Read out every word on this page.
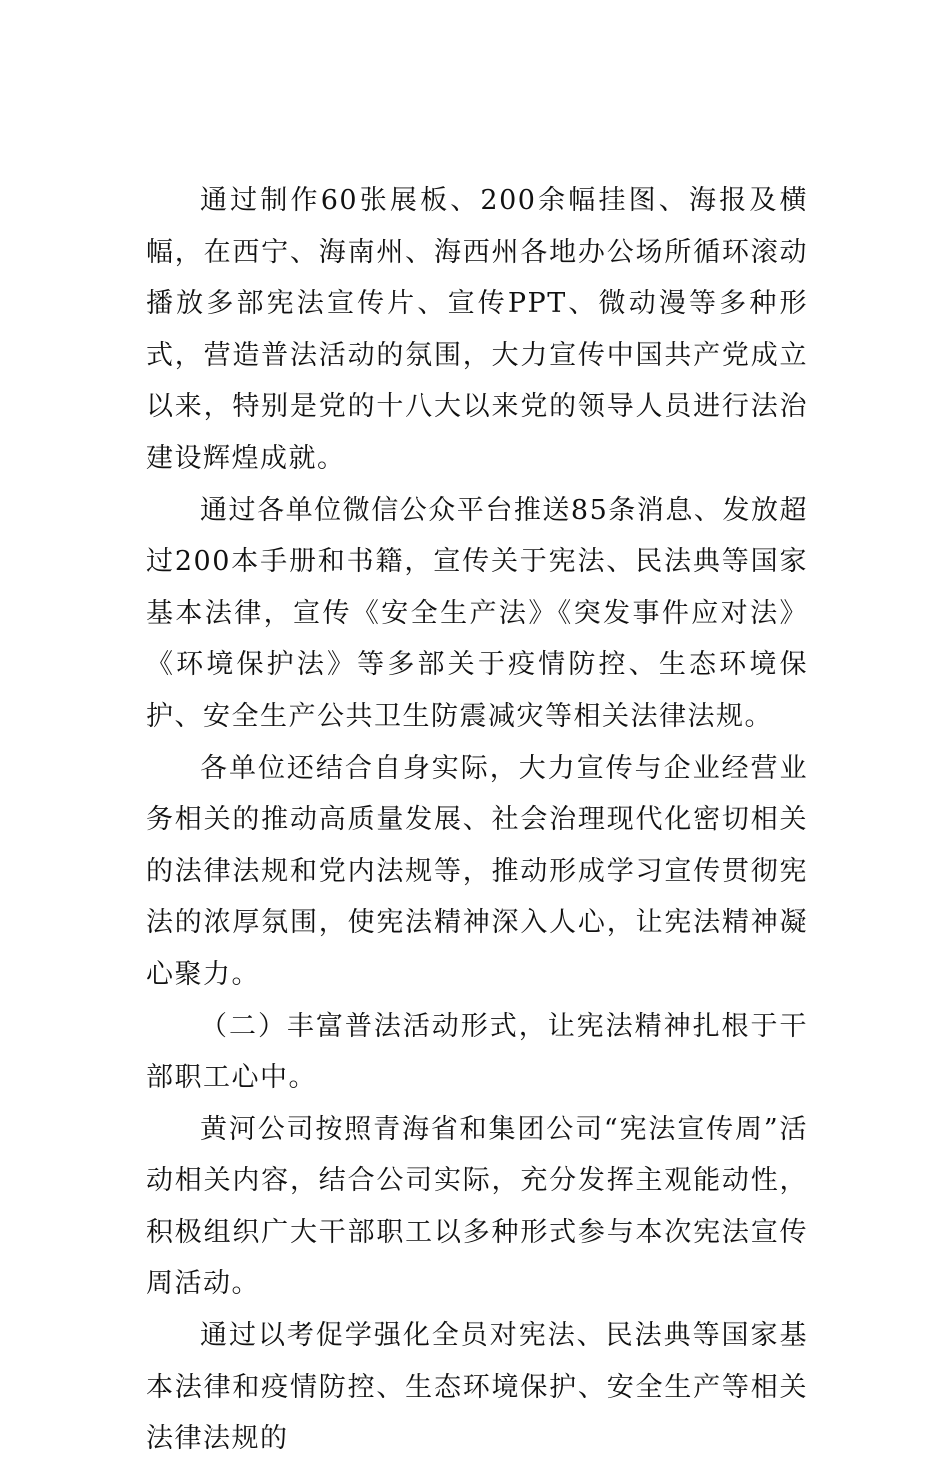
通过制作60张展板、200余幅挂图、海报及横幅，在西宁、海南州、海西州各地办公场所循环滚动播放多部宪法宣传片、宣传PPT、微动漫等多种形式，营造普法活动的氛围，大力宣传中国共产党成立以来，特别是党的十八大以来党的领导人员进行法治建设辉煌成就。

通过各单位微信公众平台推送85条消息、发放超过200本手册和书籍，宣传关于宪法、民法典等国家基本法律，宣传《安全生产法》《突发事件应对法》《环境保护法》等多部关于疫情防控、生态环境保护、安全生产公共卫生防震减灾等相关法律法规。

各单位还结合自身实际，大力宣传与企业经营业务相关的推动高质量发展、社会治理现代化密切相关的法律法规和党内法规等，推动形成学习宣传贯彻宪法的浓厚氛围，使宪法精神深入人心，让宪法精神凝心聚力。

（二）丰富普法活动形式，让宪法精神扎根于干部职工心中。

黄河公司按照青海省和集团公司“宪法宣传周”活动相关内容，结合公司实际，充分发挥主观能动性，积极组织广大干部职工以多种形式参与本次宪法宣传周活动。

通过以考促学强化全员对宪法、民法典等国家基本法律和疫情防控、生态环境保护、安全生产等相关法律法规的
